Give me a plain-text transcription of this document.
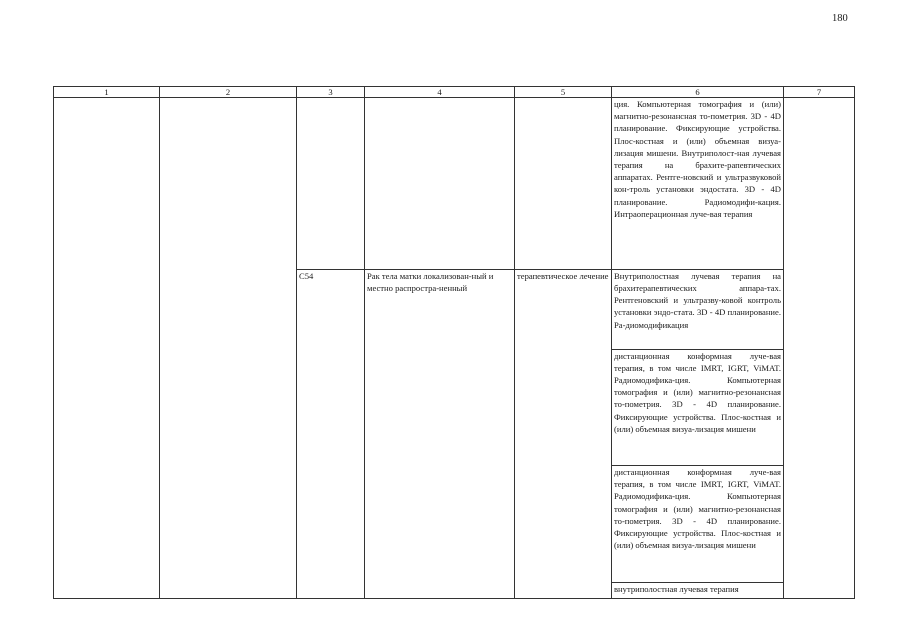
180
1	2	3	4	5	6	7
					ция. Компьютерная томография и (или) магнитно-резонансная то-пометрия. 3D - 4D планирование. Фиксирующие устройства. Плос-костная и (или) объемная визуа-лизация мишени. Внутриполост-ная лучевая терапия на брахите-рапевтических аппаратах. Рентге-новский и ультразвуковой кон-троль установки эндостата. 3D - 4D планирование. Радиомодифи-кация. Интраоперационная луче-вая терапия	
		C54	Рак тела матки локализован-ный и местно распростра-ненный	терапевтическое лечение	Внутриполостная лучевая терапия на брахитерапевтических аппара-тах. Рентгеновский и ультразву-ковой контроль установки эндо-стата. 3D - 4D планирование. Ра-диомодификация	
					дистанционная конформная луче-вая терапия, в том числе IMRT, IGRT, ViMAT. Радиомодифика-ция. Компьютерная томография и (или) магнитно-резонансная то-пометрия. 3D - 4D планирование. Фиксирующие устройства. Плос-костная и (или) объемная визуа-лизация мишени	
					дистанционная конформная луче-вая терапия, в том числе IMRT, IGRT, ViMAT. Радиомодифика-ция. Компьютерная томография и (или) магнитно-резонансная то-пометрия. 3D - 4D планирование. Фиксирующие устройства. Плос-костная и (или) объемная визуа-лизация мишени	
					внутриполостная лучевая терапия	
